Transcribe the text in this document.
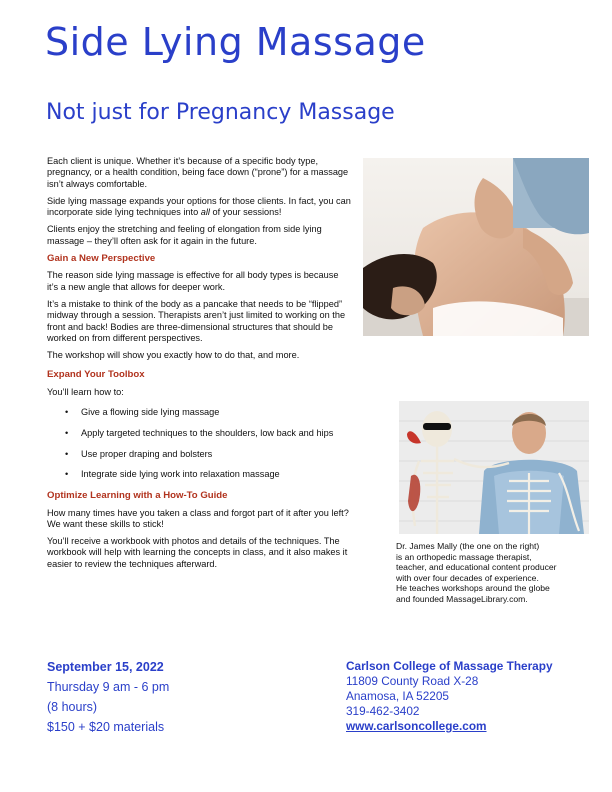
Side Lying Massage
Not just for Pregnancy Massage

Each client is unique. Whether it’s because of a specific body type, pregnancy, or a health condition, being face down (“prone”) for a massage isn’t always comfortable.

Side lying massage expands your options for those clients. In fact, you can incorporate side lying techniques into all of your sessions!

Clients enjoy the stretching and feeling of elongation from side lying massage – they’ll often ask for it again in the future.

Gain a New Perspective

The reason side lying massage is effective for all body types is because it’s a new angle that allows for deeper work.

It’s a mistake to think of the body as a pancake that needs to be “flipped” midway through a session. Therapists aren’t just limited to working on the front and back! Bodies are three-dimensional structures that should be worked on from different perspectives.

The workshop will show you exactly how to do that, and more.

Expand Your Toolbox

You’ll learn how to:

• Give a flowing side lying massage
• Apply targeted techniques to the shoulders, low back and hips
• Use proper draping and bolsters
• Integrate side lying work into relaxation massage
Optimize Learning with a How-To Guide

How many times have you taken a class and forgot part of it after you left? We want these skills to stick!

You’ll receive a workbook with photos and details of the techniques. The workbook will help with learning the concepts in class, and it also makes it easier to review the techniques afterward.

Dr. James Mally (the one on the right)
is an orthopedic massage therapist,
teacher, and educational content producer
with over four decades of experience.
He teaches workshops around the globe
and founded MassageLibrary.com.
September 15, 2022
Thursday 9 am - 6 pm
(8 hours)
$150 + $20 materials
Carlson College of Massage Therapy
11809 County Road X-28
Anamosa, IA 52205
319-462-3402
www.carlsoncollege.com
